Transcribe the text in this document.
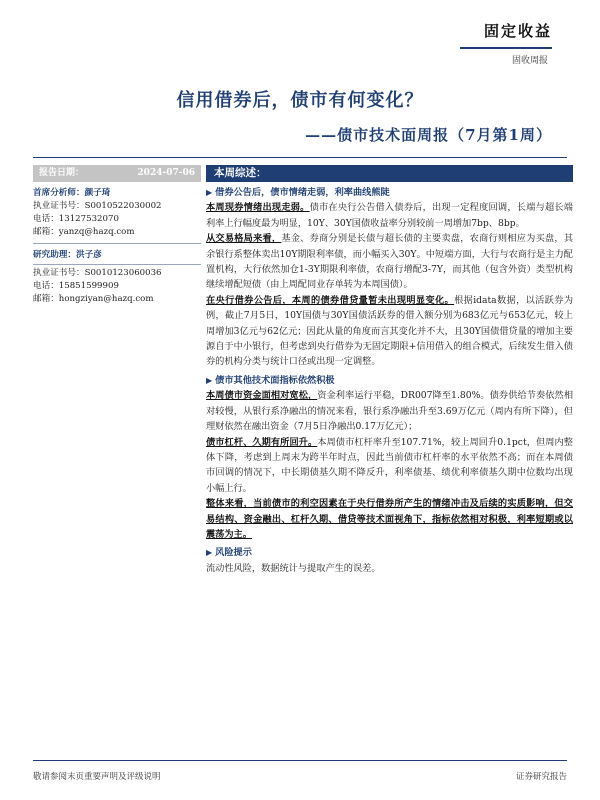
固定收益
固收周报
信用借券后，债市有何变化？
——债市技术面周报（7月第1周）
报告日期：	2024-07-06
首席分析师：颜子琦
执业证书号：S0010522030002
电话：13127532070
邮箱：yanzq@hazq.com
研究助理：洪子彦
执业证书号：S0010123060036
电话：15851599909
邮箱：hongziyan@hazq.com
本周综述：
▶ 借券公告后，债市情绪走弱，利率曲线熊陡
本周现券情绪出现走弱。债市在央行公告借入债券后，出现一定程度回调，长端与超长端利率上行幅度最为明显，10Y、30Y国债收益率分别较前一周增加7bp、8bp。
从交易格局来看，基金、券商分别是长债与超长债的主要卖盘，农商行则相应为买盘，其余银行系整体卖出10Y期限利率债，而小幅买入30Y。中短端方面，大行与农商行是主力配置机构，大行依然加仓1-3Y期限利率债，农商行增配3-7Y，而其他（包含外资）类型机构继续增配短债（由上周配同业存单转为本周国债）。
在央行借券公告后，本周的债券借贷量暂未出现明显变化。根据idata数据，以活跃券为例，截止7月5日，10Y国债与30Y国债活跃券的借入额分别为683亿元与653亿元，较上周增加3亿元与62亿元；因此从量的角度而言其变化并不大，且30Y国债借贷量的增加主要源自于中小银行，但考虑到央行借券为无固定期限+信用借入的组合模式，后续发生借入债券的机构分类与统计口径或出现一定调整。
▶ 债市其他技术面指标依然积极
本周债市资金面相对宽松，资金利率运行平稳，DR007降至1.80%。债券供给节奏依然相对较慢，从银行系净融出的情况来看，银行系净融出升至3.69万亿元（周内有所下降），但理财依然在融出资金（7月5日净融出0.17万亿元）；
债市杠杆、久期有所回升。本周债市杠杆率升至107.71%，较上周回升0.1pct，但周内整体下降，考虑到上周末为跨半年时点，因此当前债市杠杆率的水平依然不高；而在本周债市回调的情况下，中长期债基久期不降反升，利率债基、绩优利率债基久期中位数均出现小幅上行。
整体来看，当前债市的利空因素在于央行借券所产生的情绪冲击及后续的实质影响，但交易结构、资金融出、杠杆久期、借贷等技术面视角下，指标依然相对积极，利率短期或以震荡为主。
▶ 风险提示
流动性风险，数据统计与提取产生的误差。
敬请参阅末页重要声明及评级说明	证券研究报告
